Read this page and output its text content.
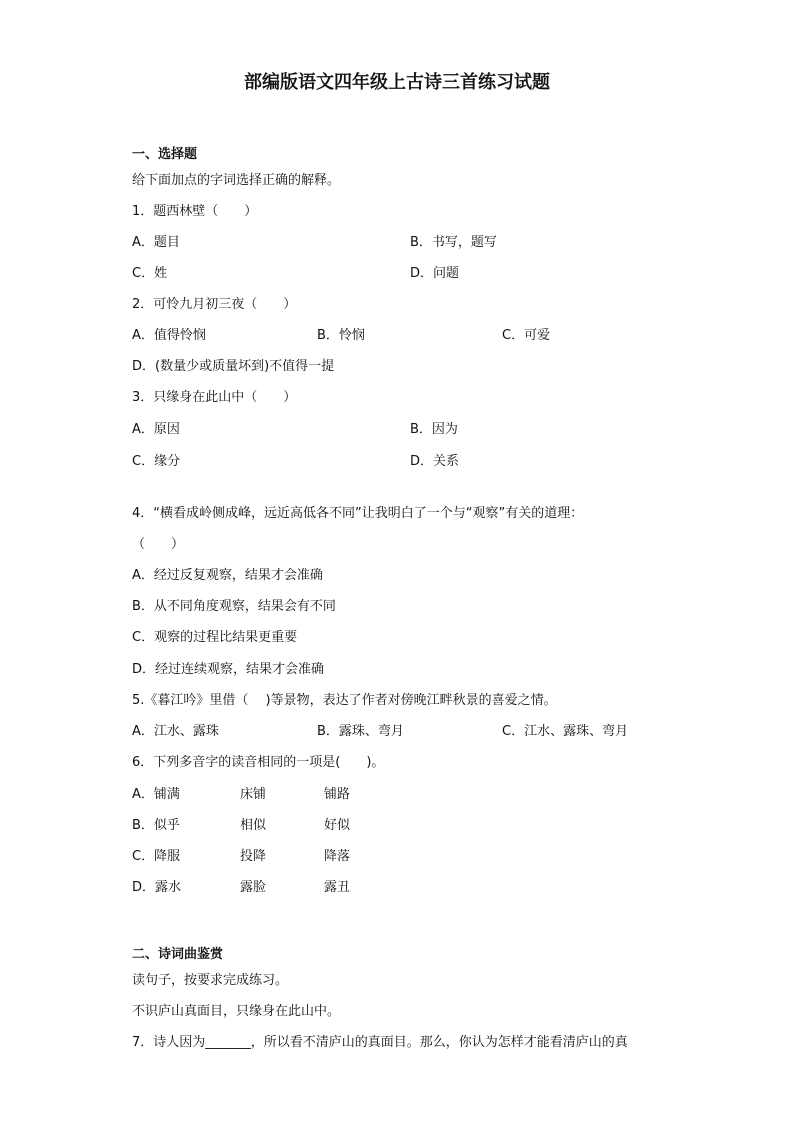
部编版语文四年级上古诗三首练习试题
一、选择题
给下面加点的字词选择正确的解释。
1．题西林壁（　　）
A．题目	B．书写，题写
C．姓	D．问题
2．可怜九月初三夜（　　）
A．值得怜悯	B．怜悯	C．可爱
D．(数量少或质量坏到)不值得一提
3．只缘身在此山中（　　）
A．原因	B．因为
C．缘分	D．关系
4．“横看成岭侧成峰，远近高低各不同”让我明白了一个与“观察”有关的道理：
（　　）
A．经过反复观察，结果才会准确
B．从不同角度观察，结果会有不同
C．观察的过程比结果更重要
D．经过连续观察，结果才会准确
5.《暮江吟》里借（　 )等景物，表达了作者对傍晚江畔秋景的喜爱之情。
A．江水、露珠	B．露珠、弯月	C．江水、露珠、弯月
6．下列多音字的读音相同的一项是(　　)。
A．铺满	床铺	铺路
B．似乎	相似	好似
C．降服	投降	降落
D．露水	露脸	露丑
二、诗词曲鉴赏
读句子，按要求完成练习。
不识庐山真面目，只缘身在此山中。
7．诗人因为_______，所以看不清庐山的真面目。那么，你认为怎样才能看清庐山的真
